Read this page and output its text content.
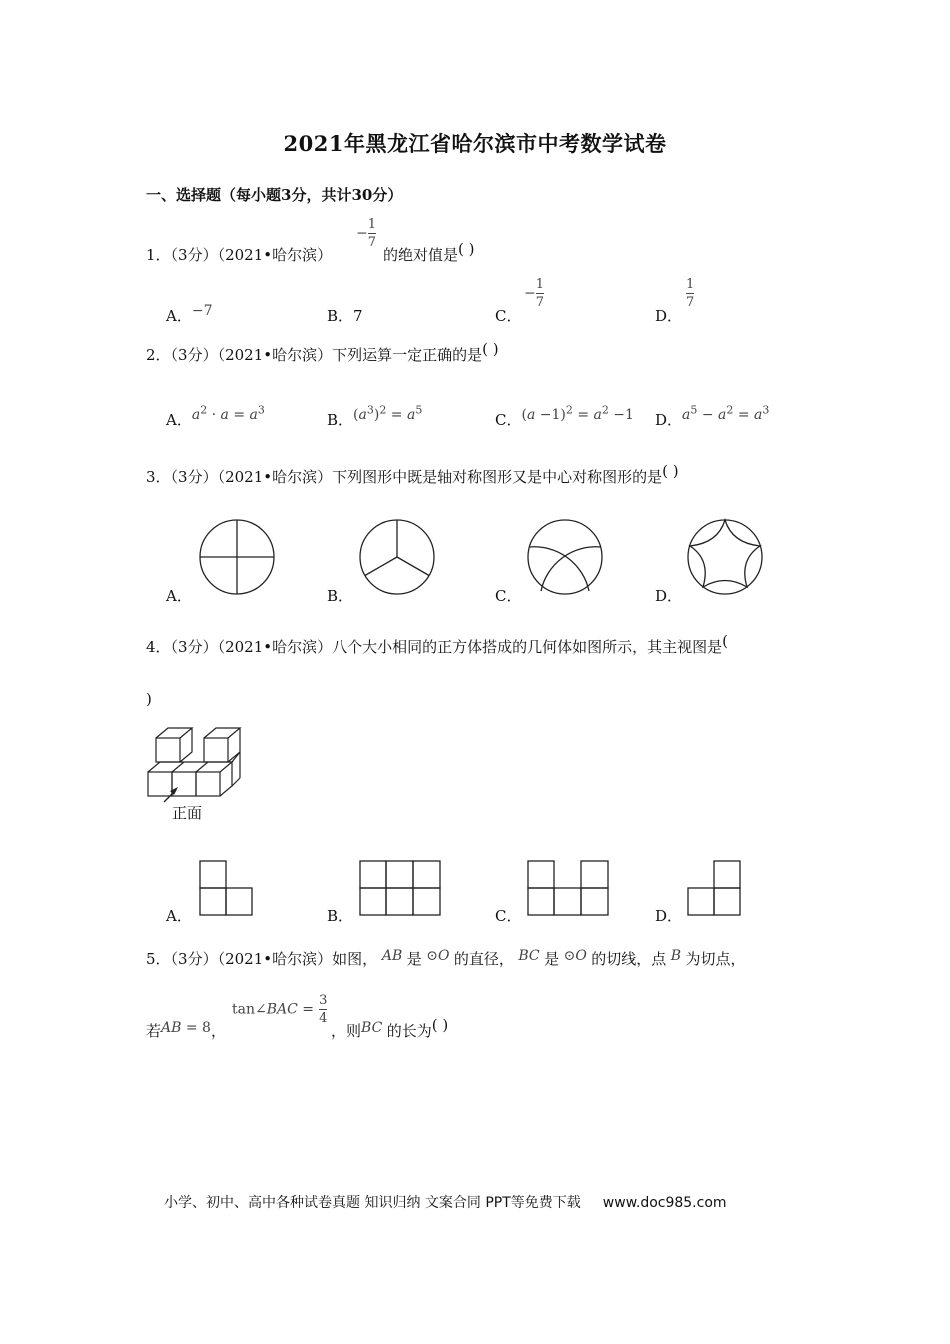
2021年黑龙江省哈尔滨市中考数学试卷
一、选择题（每小题3分，共计30分）
1．（3分）（2021•哈尔滨）
− $\frac{1}{7}$
的绝对值是( )
A．−7	B．7	C．
− $\frac{1}{7}$
D．
$\frac{1}{7}$
2．（3分）（2021•哈尔滨）下列运算一定正确的是( )
A．$a^2 \cdot a = a^3$
B．$(a^3)^2 = a^5$
C．$(a -1)^2 = a^2 -1$ D．$a^5 - a^2 = a^3$
3．（3分）（2021•哈尔滨）下列图形中既是轴对称图形又是中心对称图形的是( )
A．	B．	C．	D．
4．（3分）（2021•哈尔滨）八个大小相同的正方体搭成的几何体如图所示，其主视图是(
)
正面
A．	B．	C．	D．
5．（3分）（2021•哈尔滨）如图， AB 是 ⊙O 的直径， BC 是 ⊙O 的切线，点 B 为切点，
若AB = 8，
tan∠BAC = $\frac{3}{4}$
，则BC 的长为( )
小学、初中、高中各种试卷真题 知识归纳 文案合同 PPT等免费下载 www.doc985.com
